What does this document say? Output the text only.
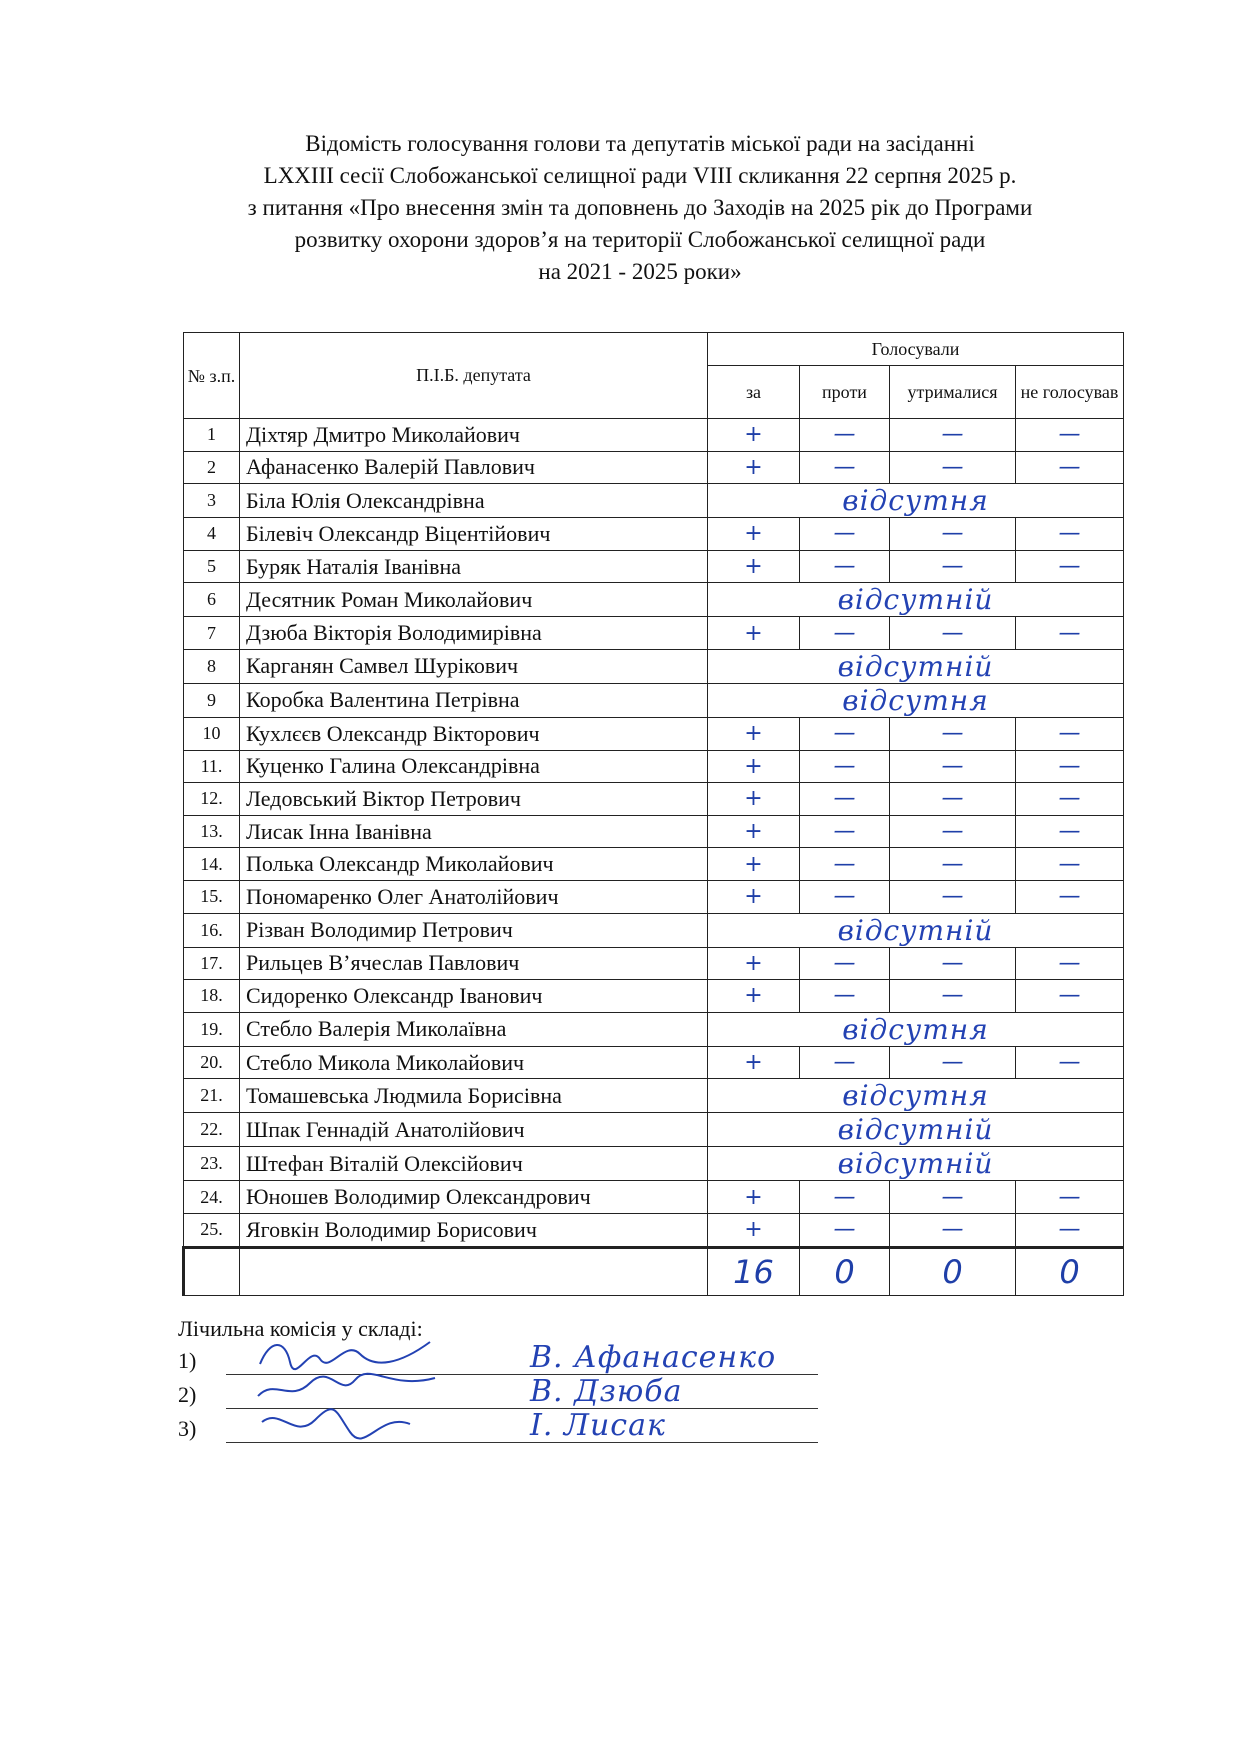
Відомість голосування голови та депутатів міської ради на засіданні
LXXIII сесії Слобожанської селищної ради VIII скликання 22 серпня 2025 р.
з питання «Про внесення змін та доповнень до Заходів на 2025 рік до Програми
розвитку охорони здоров’я на території Слобожанської селищної ради
на 2021 - 2025 роки»
№ з.п.	П.І.Б. депутата	Голосували			
		за	проти	утрималися	не голосував
1	Діхтяр Дмитро Миколайович	+	—	—	—
2	Афанасенко Валерій Павлович	+	—	—	—
3	Біла Юлія Олександрівна	відсутня			
4	Білевіч Олександр Віцентійович	+	—	—	—
5	Буряк Наталія Іванівна	+	—	—	—
6	Десятник Роман Миколайович	відсутній			
7	Дзюба Вікторія Володимирівна	+	—	—	—
8	Карганян Самвел Шурікович	відсутній			
9	Коробка Валентина Петрівна	відсутня			
10	Кухлєєв Олександр Вікторович	+	—	—	—
11.	Куценко Галина Олександрівна	+	—	—	—
12.	Ледовський Віктор Петрович	+	—	—	—
13.	Лисак Інна Іванівна	+	—	—	—
14.	Полька Олександр Миколайович	+	—	—	—
15.	Пономаренко Олег Анатолійович	+	—	—	—
16.	Різван Володимир Петрович	відсутній			
17.	Рильцев В’ячеслав Павлович	+	—	—	—
18.	Сидоренко Олександр Іванович	+	—	—	—
19.	Стебло Валерія Миколаївна	відсутня			
20.	Стебло Микола Миколайович	+	—	—	—
21.	Томашевська Людмила Борисівна	відсутня			
22.	Шпак Геннадій Анатолійович	відсутній			
23.	Штефан Віталій Олексійович	відсутній			
24.	Юношев Володимир Олександрович	+	—	—	—
25.	Яговкін Володимир Борисович	+	—	—	—
		16	0	0	0
Лічильна комісія у складі:
1)	В. Афанасенко
2)	В. Дзюба
3)	І. Лисак
